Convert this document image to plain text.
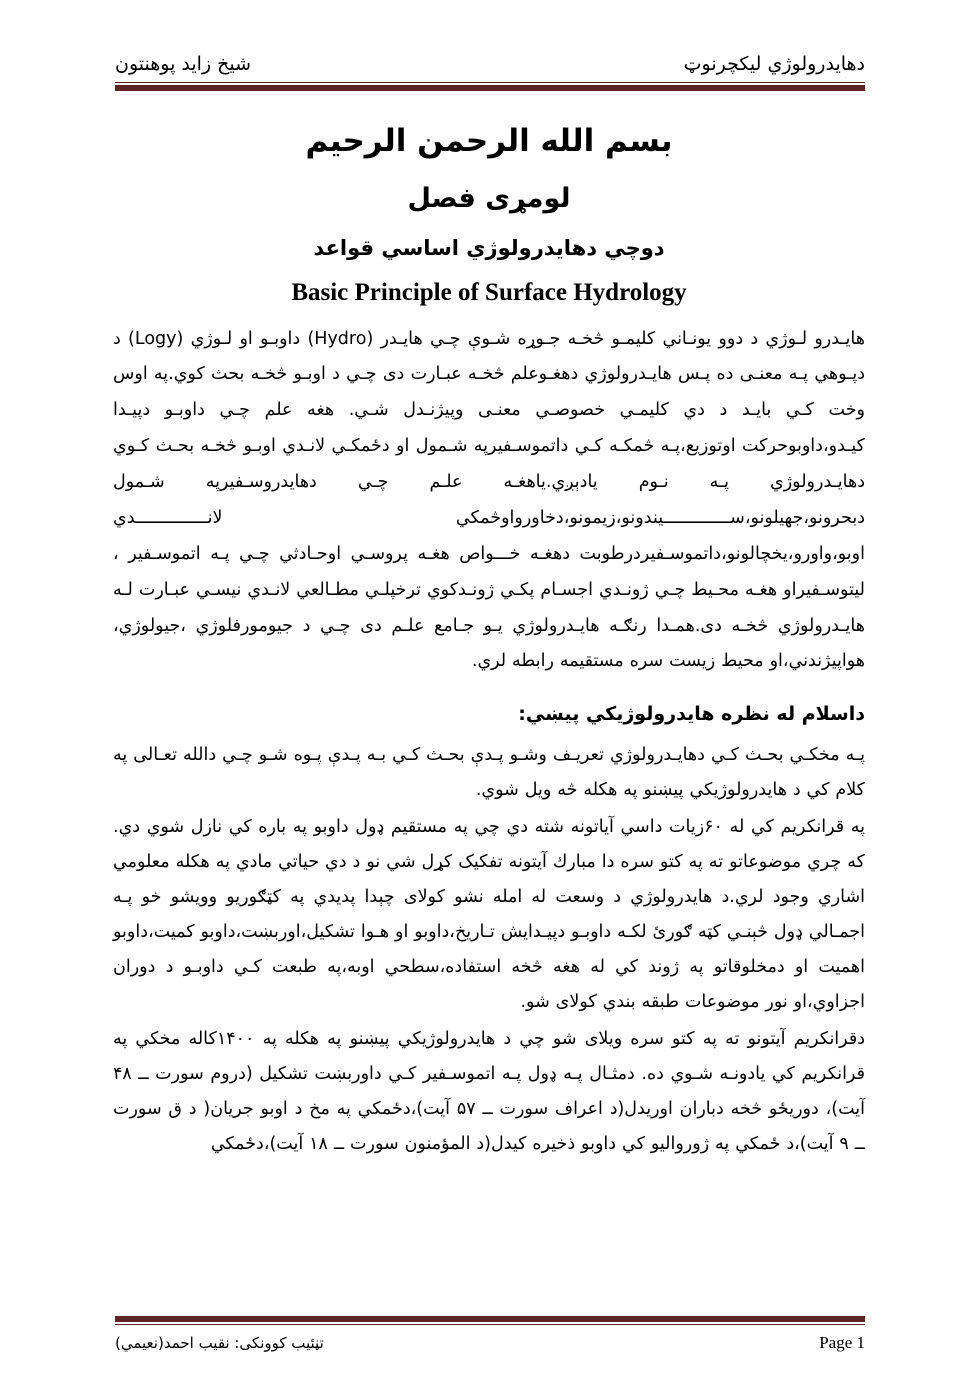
شیخ زاید پوهنتون	دهایدرولوژي لیکچرنوټ
بسم الله الرحمن الرحیم
لومړی فصل
دوچي دهايدرولوژي اساسي قواعد
Basic Principle of Surface Hydrology

هايـدرو لـوژي د دوو يونـاني كليمـو څخـه جـوړه شـوې چـي هايـدر (Hydro) داوبـو او لـوژي (Logy) د دپـوهي پـه معنـی ده پـس هايـدرولوژي دهغـوعلم څخـه عبـارت دی چـي د اوبـو څخـه بحث كوي.په اوس وخت كـي بايـد د دي كليمـي خصوصـي معنـی وپیژنـدل شـي. هغه علم چـي داوبـو دپيـدا كيـدو،داوبوحركت اوتوزيع،پـه څمكـه كـي داتموسـفيرپه شـمول او دځمكـي لانـدي اوبـو څخـه بحـث كـوي دهايـدرولوژي پـه نـوم يادېږي.ياهغـه علـم چـي دهايدروسـفيرپه شـمول دبحرونو،جهيلونو،ســـــــــــــیندونو،زیمونو،دخاورواوڅمكي لانــــــــــــــدي اوبو،واورو،يخچالونو،داتموسـفيردرطوبت دهغـه خـــواص هغـه پروسـي اوحـادثي چـي پـه اتموسـفير ، ليتوسـفيراو هغـه محـيط چـي ژونـدي اجسـام پكـي ژونـدكوي ترخپلـي مطـالعي لانـدي نيسـي عبـارت لـه هايـدرولوژي څخـه دی.همـدا رنګـه هايـدرولوژي يـو جـامع علـم دی چـي د جيومورفلوژي ،جيولوژي، هواپيژندني،او محيط زيست سره مستقيمه رابطه لري.

داسلام له نظره هايدرولوژيکي پيښي:

پـه مخكـي بحـث كـي دهايـدرولوژي تعريـف وشـو پـدې بحـث كـي بـه پـدې پـوه شـو چـي دالله تعـالی په كلام كي د هايدرولوژيكي پيښنو په هكله څه ويل شوي.

په قرانكريم كي له ۶۰زيات داسي آياتونه شته دي چي په مستقيم ډول داوبو په باره كي نازل شوي دي. كه چري موضوعاتو ته په كتو سره دا مبارك آيتونه تفكيک كړل شي نو د دي حياتي مادي په هكله معلومي اشاري وجود لري.د هايدرولوژي د وسعت له امله نشو كولای چېدا پديدي په كټګوريو وويشو خو پـه اجمـالي ډول څېنـي كټه ګورئ لكـه داوبـو دپيـدايش تـاريخ،داوبو او هـوا تشكيل،اوربښت،داوبو كميت،داوبو اهميت او دمخلوقاتو په ژوند كي له هغه څخه استفاده،سطحي اوبه،په طبعت كـي داوبـو د دوران اجزاوي،او نور موضوعات طبقه بندي كولای شو.

دقرانكريم آيتونو ته په كتو سره ويلای شو چي د هايدرولوژيكي پيښنو په هكله په ۱۴۰۰كاله مخكي په قرانكريم كي يادونـه شـوي ده. دمثـال پـه ډول پـه اتموسـفير كـي داوربښت تشكيل (دروم سورت ــ ۴۸ آيت)، دوريځو څخه دباران اوريدل(د اعراف سورت ــ ۵۷ آيت)،دځمكي په مخ د اوبو جريان( د ق سورت ــ ۹ آيت)،د ځمكي په ژوروالیو كي داوبو ذخيره كيدل(د المؤمنون سورت ــ ۱۸ آيت)،دځمكي

تڼئیب كوونكی: نقیب احمد(نعیمي)	Page 1
